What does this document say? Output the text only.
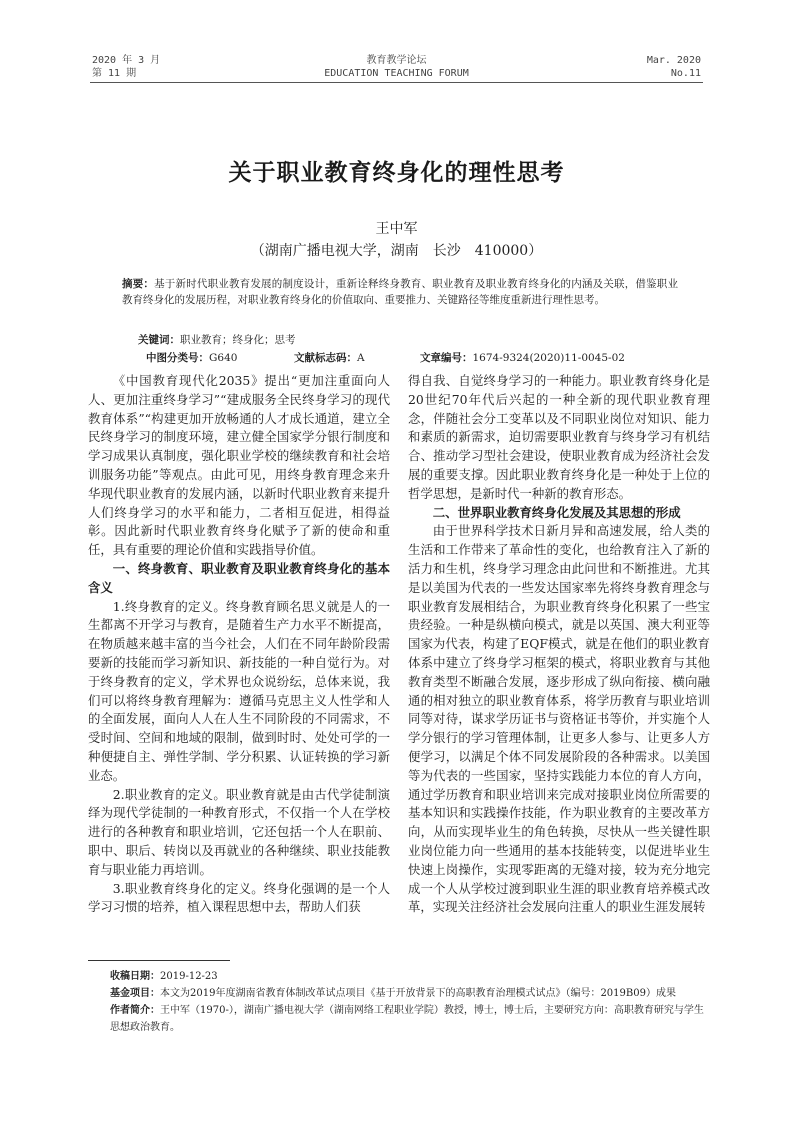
2020 年 3 月
第 11 期
教育教学论坛
EDUCATION TEACHING FORUM
Mar. 2020
No.11
关于职业教育终身化的理性思考
王中军
（湖南广播电视大学，湖南　长沙　410000）
摘要：基于新时代职业教育发展的制度设计，重新诠释终身教育、职业教育及职业教育终身化的内涵及关联，借鉴职业教育终身化的发展历程，对职业教育终身化的价值取向、重要推力、关键路径等维度重新进行理性思考。
关键词：职业教育；终身化；思考
中图分类号：G640	文献标志码：A	文章编号：1674-9324(2020)11-0045-02

《中国教育现代化2035》提出“更加注重面向人人、更加注重终身学习”“建成服务全民终身学习的现代教育体系”“构建更加开放畅通的人才成长通道，建立全民终身学习的制度环境，建立健全国家学分银行制度和学习成果认真制度，强化职业学校的继续教育和社会培训服务功能”等观点。由此可见，用终身教育理念来升华现代职业教育的发展内涵，以新时代职业教育来提升人们终身学习的水平和能力，二者相互促进，相得益彰。因此新时代职业教育终身化赋予了新的使命和重任，具有重要的理论价值和实践指导价值。

一、终身教育、职业教育及职业教育终身化的基本含义

1.终身教育的定义。终身教育顾名思义就是人的一生都离不开学习与教育，是随着生产力水平不断提高，在物质越来越丰富的当今社会，人们在不同年龄阶段需要新的技能而学习新知识、新技能的一种自觉行为。对于终身教育的定义，学术界也众说纷纭，总体来说，我们可以将终身教育理解为：遵循马克思主义人性学和人的全面发展，面向人人在人生不同阶段的不同需求，不受时间、空间和地域的限制，做到时时、处处可学的一种便捷自主、弹性学制、学分积累、认证转换的学习新业态。

2.职业教育的定义。职业教育就是由古代学徒制演绎为现代学徒制的一种教育形式，不仅指一个人在学校进行的各种教育和职业培训，它还包括一个人在职前、职中、职后、转岗以及再就业的各种继续、职业技能教育与职业能力再培训。

3.职业教育终身化的定义。终身化强调的是一个人学习习惯的培养，植入课程思想中去，帮助人们获

得自我、自觉终身学习的一种能力。职业教育终身化是20世纪70年代后兴起的一种全新的现代职业教育理念，伴随社会分工变革以及不同职业岗位对知识、能力和素质的新需求，迫切需要职业教育与终身学习有机结合、推动学习型社会建设，使职业教育成为经济社会发展的重要支撑。因此职业教育终身化是一种处于上位的哲学思想，是新时代一种新的教育形态。

二、世界职业教育终身化发展及其思想的形成

由于世界科学技术日新月异和高速发展，给人类的生活和工作带来了革命性的变化，也给教育注入了新的活力和生机，终身学习理念由此问世和不断推进。尤其是以美国为代表的一些发达国家率先将终身教育理念与职业教育发展相结合，为职业教育终身化积累了一些宝贵经验。一种是纵横向模式，就是以英国、澳大利亚等国家为代表，构建了EQF模式，就是在他们的职业教育体系中建立了终身学习框架的模式，将职业教育与其他教育类型不断融合发展，逐步形成了纵向衔接、横向融通的相对独立的职业教育体系，将学历教育与职业培训同等对待，谋求学历证书与资格证书等价，并实施个人学分银行的学习管理体制，让更多人参与、让更多人方便学习，以满足个体不同发展阶段的各种需求。以美国等为代表的一些国家，坚持实践能力本位的育人方向，通过学历教育和职业培训来完成对接职业岗位所需要的基本知识和实践操作技能，作为职业教育的主要改革方向，从而实现毕业生的角色转换，尽快从一些关键性职业岗位能力向一些通用的基本技能转变，以促进毕业生快速上岗操作，实现零距离的无缝对接，较为充分地完成一个人从学校过渡到职业生涯的职业教育培养模式改革，实现关注经济社会发展向注重人的职业生涯发展转

收稿日期：2019-12-23
基金项目：本文为2019年度湖南省教育体制改革试点项目《基于开放背景下的高职教育治理模式试点》（编号：2019B09）成果
作者简介：王中军（1970-），湖南广播电视大学（湖南网络工程职业学院）教授，博士，博士后，主要研究方向：高职教育研究与学生思想政治教育。
